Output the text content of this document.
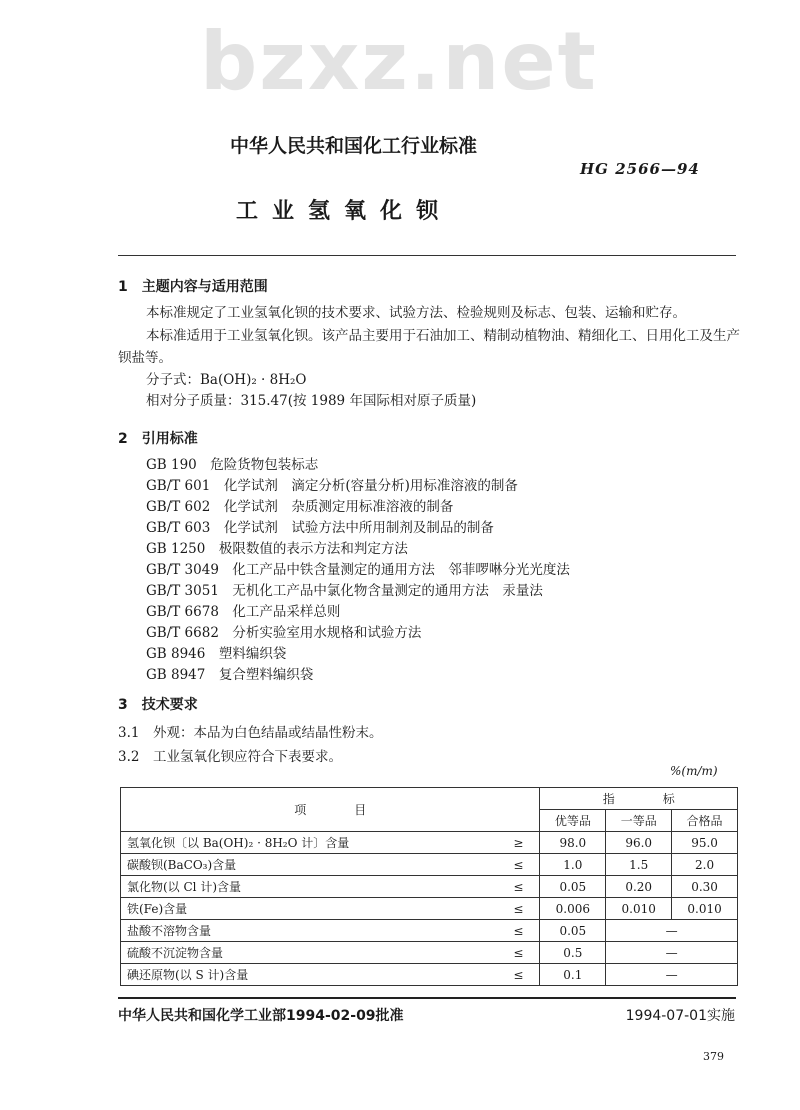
bzxz.net
中华人民共和国化工行业标准
HG 2566—94
工业氢氧化钡
1　主题内容与适用范围
本标准规定了工业氢氧化钡的技术要求、试验方法、检验规则及标志、包装、运输和贮存。
本标准适用于工业氢氧化钡。该产品主要用于石油加工、精制动植物油、精细化工、日用化工及生产
钡盐等。
分子式：Ba(OH)₂ · 8H₂O
相对分子质量：315.47(按 1989 年国际相对原子质量)
2　引用标准
GB 190　危险货物包装标志
GB/T 601　化学试剂　滴定分析(容量分析)用标准溶液的制备
GB/T 602　化学试剂　杂质测定用标准溶液的制备
GB/T 603　化学试剂　试验方法中所用制剂及制品的制备
GB 1250　极限数值的表示方法和判定方法
GB/T 3049　化工产品中铁含量测定的通用方法　邻菲啰啉分光光度法
GB/T 3051　无机化工产品中氯化物含量测定的通用方法　汞量法
GB/T 6678　化工产品采样总则
GB/T 6682　分析实验室用水规格和试验方法
GB 8946　塑料编织袋
GB 8947　复合塑料编织袋
3　技术要求
3.1　外观：本品为白色结晶或结晶性粉末。
3.2　工业氢氧化钡应符合下表要求。
%(m/m)
项　　　　目		指　　　　标		
		优等品	一等品	合格品
氢氧化钡〔以 Ba(OH)₂ · 8H₂O 计〕含量	≥	98.0	96.0	95.0
碳酸钡(BaCO₃)含量	≤	1.0	1.5	2.0
氯化物(以 Cl 计)含量	≤	0.05	0.20	0.30
铁(Fe)含量	≤	0.006	0.010	0.010
盐酸不溶物含量	≤	0.05	—	
硫酸不沉淀物含量	≤	0.5	—	
碘还原物(以 S 计)含量	≤	0.1	—	
中华人民共和国化学工业部1994-02-09批准	1994-07-01实施
379
